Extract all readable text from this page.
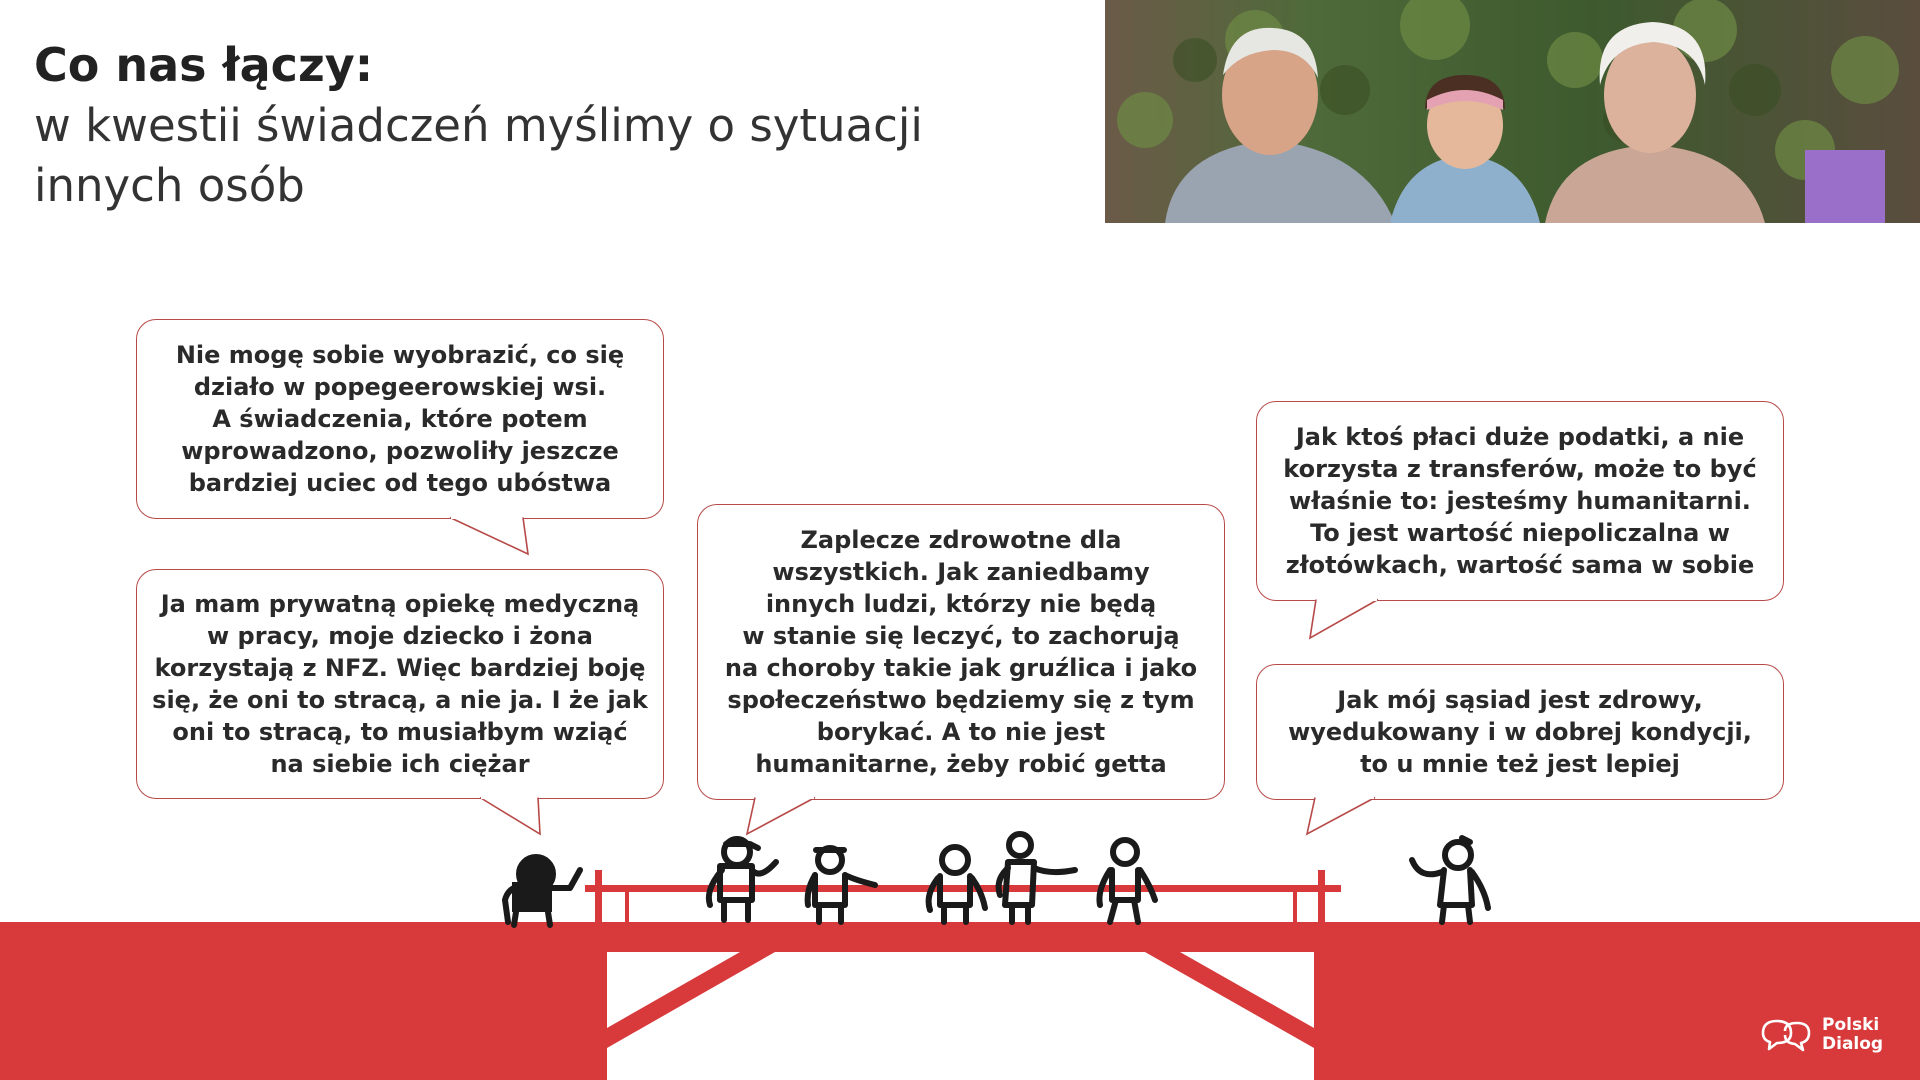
Co nas łączy:

w kwestii świadczeń myślimy o sytuacji innych osób

Nie mogę sobie wyobrazić, co się
działo w popegeerowskiej wsi.
A świadczenia, które potem
wprowadzono, pozwoliły jeszcze
bardziej uciec od tego ubóstwa
Ja mam prywatną opiekę medyczną
w pracy, moje dziecko i żona
korzystają z NFZ. Więc bardziej boję
się, że oni to stracą, a nie ja. I że jak
oni to stracą, to musiałbym wziąć
na siebie ich ciężar
Zaplecze zdrowotne dla
wszystkich. Jak zaniedbamy
innych ludzi, którzy nie będą
w stanie się leczyć, to zachorują
na choroby takie jak gruźlica i jako
społeczeństwo będziemy się z tym
borykać. A to nie jest
humanitarne, żeby robić getta
Jak ktoś płaci duże podatki, a nie
korzysta z transferów, może to być
właśnie to: jesteśmy humanitarni.
To jest wartość niepoliczalna w
złotówkach, wartość sama w sobie
Jak mój sąsiad jest zdrowy,
wyedukowany i w dobrej kondycji,
to u mnie też jest lepiej
Polski
Dialog
